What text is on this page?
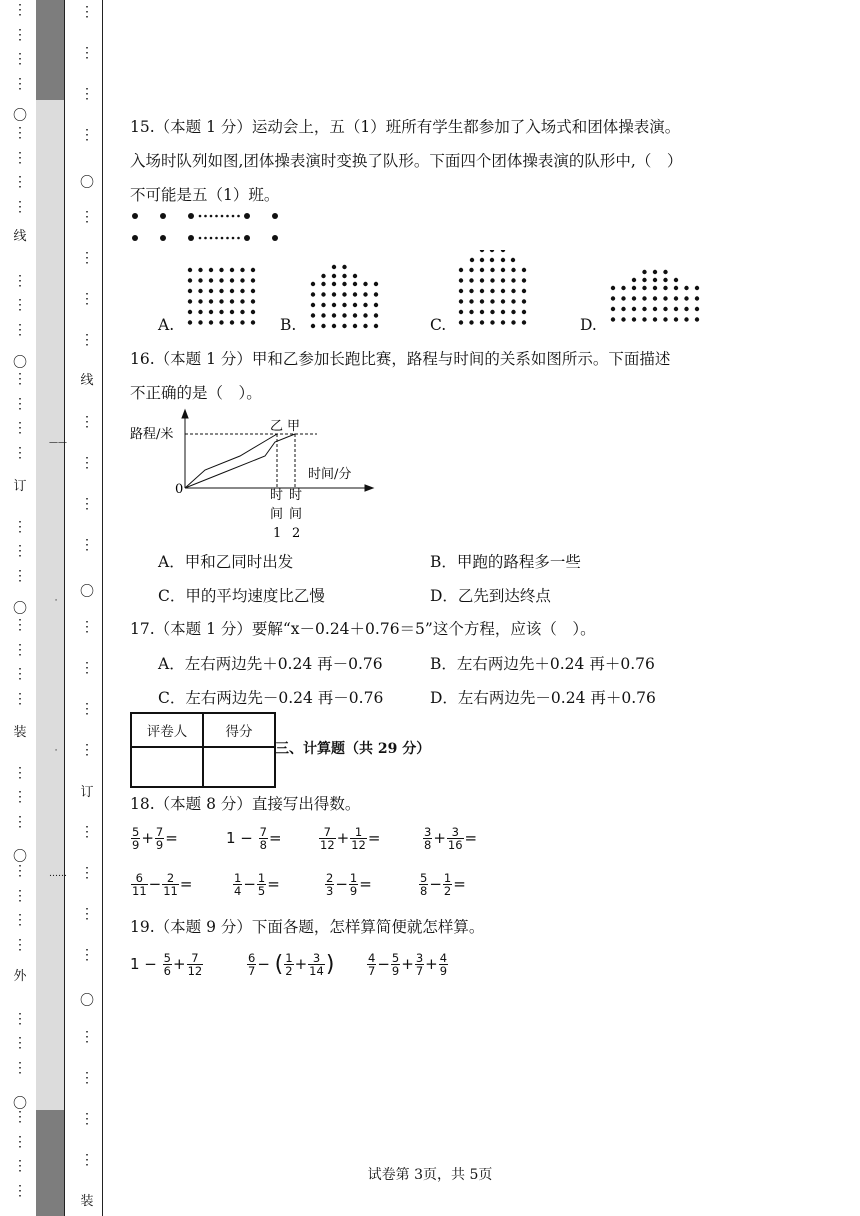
⋮
⋮
⋮
⋮
⋮
⋮
⋮
⋮
⋮
⋮
⋮
⋮
⋮
⋮
⋮
⋮
⋮
⋮
⋮
⋮
⋮
⋮
⋮
⋮
⋮
⋮
⋮
⋮
⋮
⋮
⋮
⋮
⋮
⋮
⋮
⋮
〇
〇
〇
〇
〇
⋮
⋮
⋮
⋮
⋮
⋮
⋮
⋮
⋮
⋮
⋮
⋮
⋮
⋮
⋮
⋮
⋮
⋮
⋮
⋮
⋮
⋮
⋮
⋮
〇
〇
〇
——
·
·
……
线
订
装
外
线
订
装
15.（本题 1 分）运动会上，五（1）班所有学生都参加了入场式和团体操表演。
入场时队列如图,团体操表演时变换了队形。下面四个团体操表演的队形中,（　）
不可能是五（1）班。
A.	B.	C.	D.
16.（本题 1 分）甲和乙参加长跑比赛，路程与时间的关系如图所示。下面描述
不正确的是（　）。
路程/米
时间/分
0
乙 甲
时
间
1
时
间
2
A．甲和乙同时出发	B．甲跑的路程多一些
C．甲的平均速度比乙慢	D．乙先到达终点
17.（本题 1 分）要解“x－0.24＋0.76＝5”这个方程，应该（　）。
A．左右两边先＋0.24 再－0.76	B．左右两边先＋0.24 再＋0.76
C．左右两边先－0.24 再－0.76	D．左右两边先－0.24 再＋0.76
评卷人	得分

三、计算题（共 29 分）
18.（本题 8 分）直接写出得数。
$\frac{5}{9} + \frac{7}{9}$ =	$1 - \frac{7}{8}$ =	$\frac{7}{12} + \frac{1}{12}$ =	$\frac{3}{8} + \frac{3}{16}$ =
$\frac{6}{11} - \frac{2}{11}$ =	$\frac{1}{4} - \frac{1}{5}$ =	$\frac{2}{3} - \frac{1}{9}$ =	$\frac{5}{8} - \frac{1}{2}$ =
19.（本题 9 分）下面各题，怎样算简便就怎样算。
$1 - \frac{5}{6} + \frac{7}{12}$	$\frac{6}{7}$ − ( $\frac{1}{2} + \frac{3}{14}$ )	$\frac{4}{7} - \frac{5}{9} + \frac{3}{7} + \frac{4}{9}$
试卷第 3页，共 5页
